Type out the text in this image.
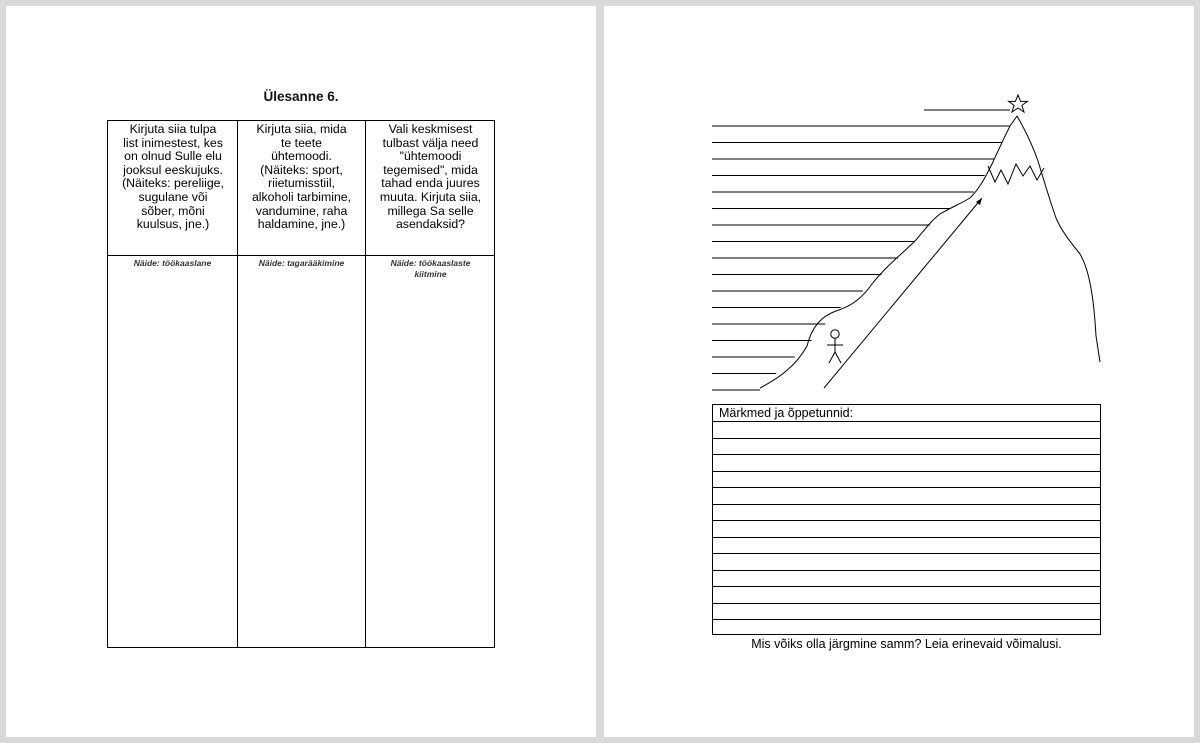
Ülesanne 6.
Kirjuta siia tulpa
list inimestest, kes
on olnud Sulle elu
jooksul eeskujuks.
(Näiteks: pereliige,
sugulane või
sõber, mõni
kuulsus, jne.)
Kirjuta siia, mida
te teete
ühtemoodi.
(Näiteks: sport,
riietumisstiil,
alkoholi tarbimine,
vandumine, raha
haldamine, jne.)
Vali keskmisest
tulbast välja need
"ühtemoodi
tegemised", mida
tahad enda juures
muuta. Kirjuta siia,
millega Sa selle
asendaksid?
Näide: töökaaslane	Näide: tagarääkimine	Näide: töökaaslaste
kiitmine
Märkmed ja õppetunnid:
Mis võiks olla järgmine samm? Leia erinevaid võimalusi.
